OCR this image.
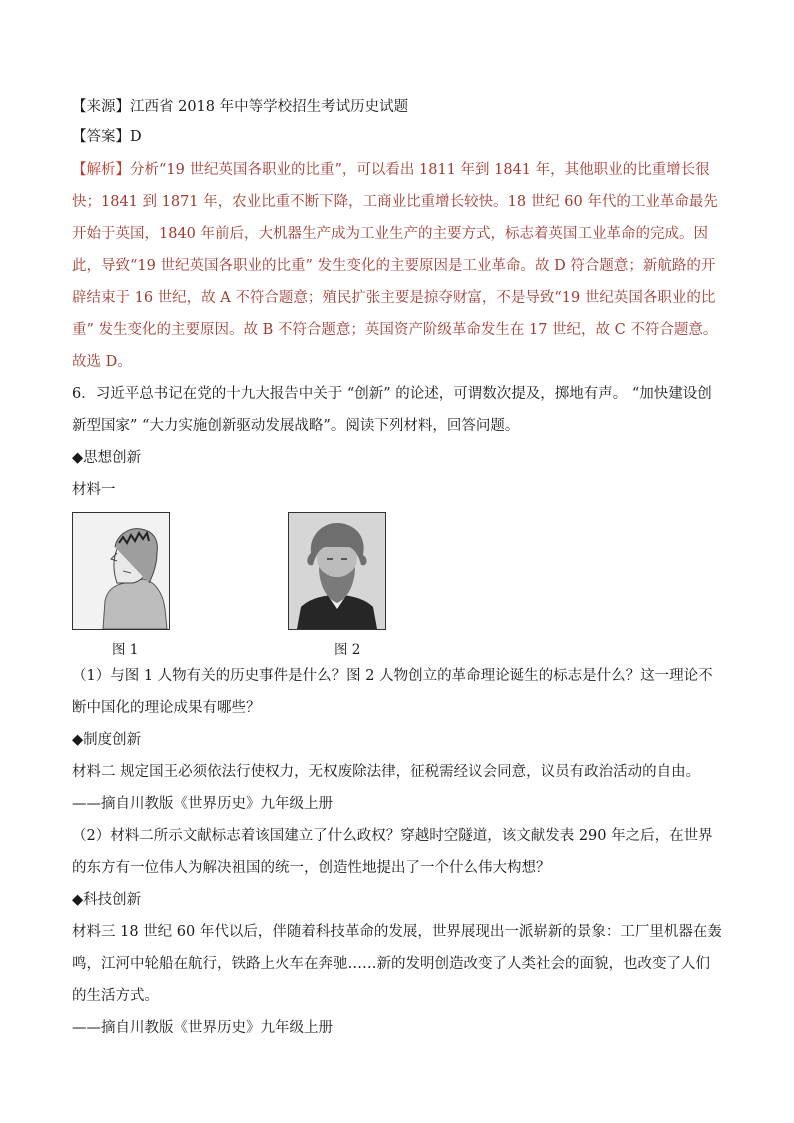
【来源】江西省 2018 年中等学校招生考试历史试题
【答案】D

【解析】分析“19 世纪英国各职业的比重”，可以看出 1811 年到 1841 年，其他职业的比重增长很快；1841 到 1871 年，农业比重不断下降，工商业比重增长较快。18 世纪 60 年代的工业革命最先开始于英国，1840 年前后，大机器生产成为工业生产的主要方式，标志着英国工业革命的完成。因此，导致“19 世纪英国各职业的比重” 发生变化的主要原因是工业革命。故 D 符合题意；新航路的开辟结束于 16 世纪，故 A 不符合题意；殖民扩张主要是掠夺财富，不是导致“19 世纪英国各职业的比重” 发生变化的主要原因。故 B 不符合题意；英国资产阶级革命发生在 17 世纪，故 C 不符合题意。故选 D。

6．习近平总书记在党的十九大报告中关于 “创新” 的论述，可谓数次提及，掷地有声。 “加快建设创新型国家” “大力实施创新驱动发展战略”。阅读下列材料，回答问题。

◆思想创新

材料一

图 1	图 2

（1）与图 1 人物有关的历史事件是什么？图 2 人物创立的革命理论诞生的标志是什么？这一理论不断中国化的理论成果有哪些？

◆制度创新

材料二 规定国王必须依法行使权力，无权废除法律，征税需经议会同意，议员有政治活动的自由。

——摘自川教版《世界历史》九年级上册

（2）材料二所示文献标志着该国建立了什么政权？穿越时空隧道，该文献发表 290 年之后，在世界的东方有一位伟人为解决祖国的统一，创造性地提出了一个什么伟大构想？

◆科技创新

材料三 18 世纪 60 年代以后，伴随着科技革命的发展，世界展现出一派崭新的景象：工厂里机器在轰鸣，江河中轮船在航行，铁路上火车在奔驰……新的发明创造改变了人类社会的面貌，也改变了人们的生活方式。

——摘自川教版《世界历史》九年级上册
